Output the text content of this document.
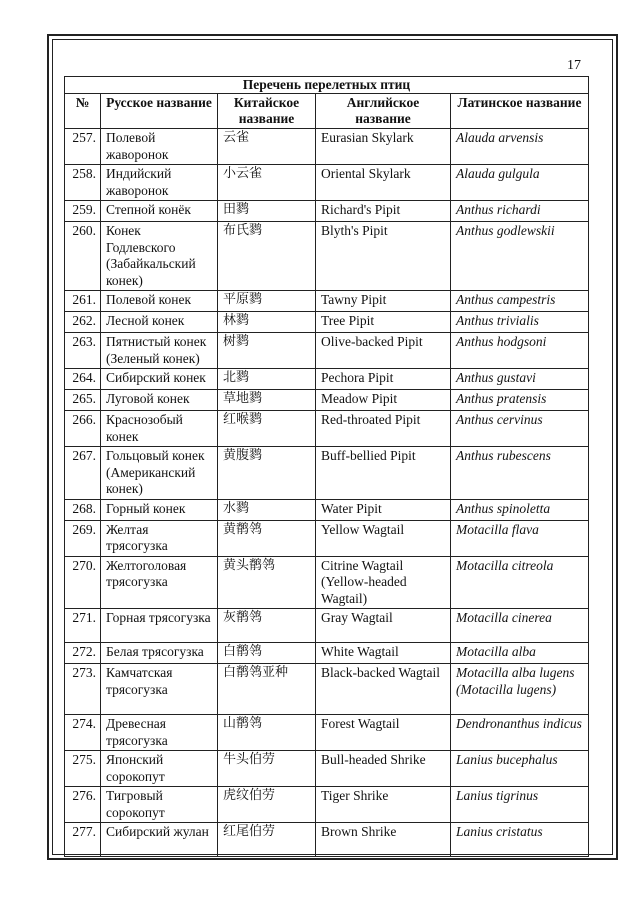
17
Перечень перелетных птиц				
№	Русское название	Китайское название	Английское название	Латинское название
257.	Полевой жаворонок	云雀	Eurasian Skylark	Alauda arvensis
258.	Индийский жаворонок	小云雀	Oriental Skylark	Alauda gulgula
259.	Степной конёк	田鹨	Richard's Pipit	Anthus richardi
260.	Конек Годлевского (Забайкальский конек)	布氏鹨	Blyth's Pipit	Anthus godlewskii
261.	Полевой конек	平原鹨	Tawny Pipit	Anthus campestris
262.	Лесной конек	林鹨	Tree Pipit	Anthus trivialis
263.	Пятнистый конек (Зеленый конек)	树鹨	Olive-backed Pipit	Anthus hodgsoni
264.	Сибирский конек	北鹨	Pechora Pipit	Anthus gustavi
265.	Луговой конек	草地鹨	Meadow Pipit	Anthus pratensis
266.	Краснозобый конек	红喉鹨	Red-throated Pipit	Anthus cervinus
267.	Гольцовый конек (Американский конек)	黄腹鹨	Buff-bellied Pipit	Anthus rubescens
268.	Горный конек	水鹨	Water Pipit	Anthus spinoletta
269.	Желтая трясогузка	黄鹡鸰	Yellow Wagtail	Motacilla flava
270.	Желтоголовая трясогузка	黄头鹡鸰	Citrine Wagtail (Yellow-headed Wagtail)	Motacilla citreola
271.	Горная трясогузка	灰鹡鸰	Gray Wagtail	Motacilla cinerea
272.	Белая трясогузка	白鹡鸰	White Wagtail	Motacilla alba
273.	Камчатская трясогузка	白鹡鸰亚种	Black-backed Wagtail	Motacilla alba lugens (Motacilla lugens)
274.	Древесная трясогузка	山鹡鸰	Forest Wagtail	Dendronanthus indicus
275.	Японский сорокопут	牛头伯劳	Bull-headed Shrike	Lanius bucephalus
276.	Тигровый сорокопут	虎纹伯劳	Tiger Shrike	Lanius tigrinus
277.	Сибирский жулан	红尾伯劳	Brown Shrike	Lanius cristatus
